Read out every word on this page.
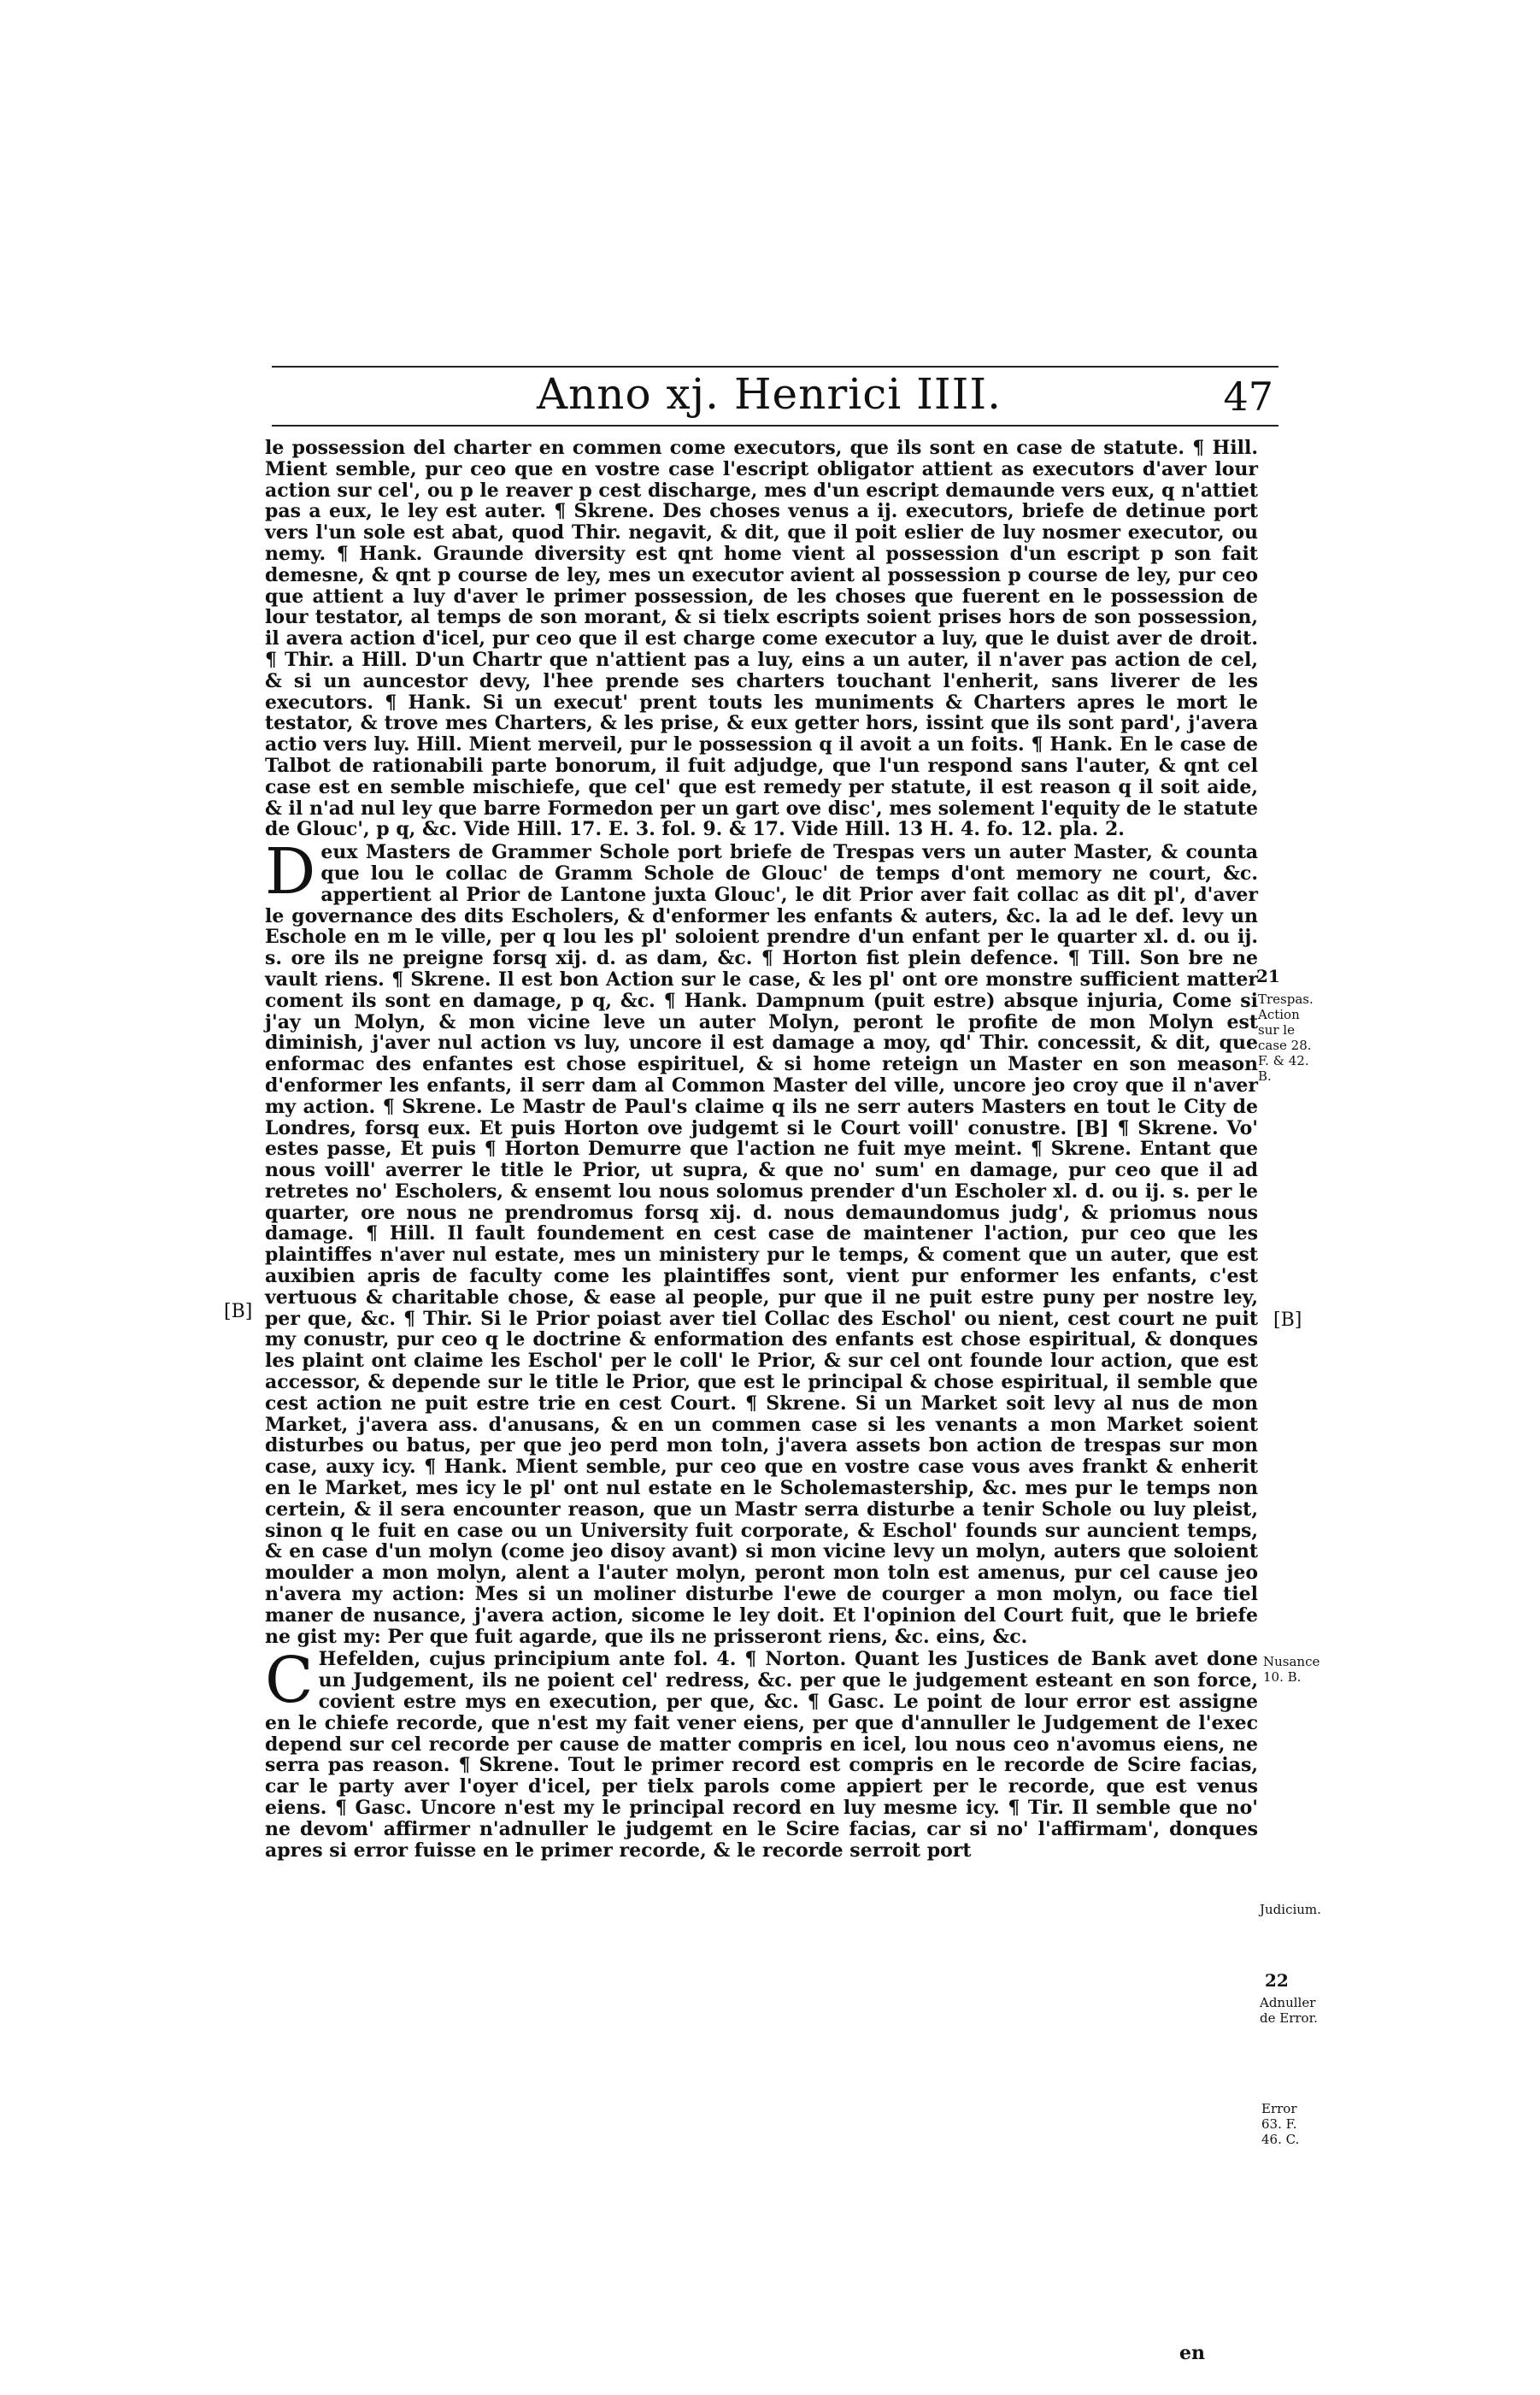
Anno xj. Henrici IIII.	47

le possession del charter en commen come executors, que ils sont en case de statute. ¶ Hill. Mient semble, pur ceo que en vostre case l'escript obligator attient as executors d'aver lour action sur cel', ou p le reaver p cest discharge, mes d'un escript demaunde vers eux, q n'attiet pas a eux, le ley est auter. ¶ Skrene. Des choses venus a ij. executors, briefe de detinue port vers l'un sole est abat, quod Thir. negavit, & dit, que il poit eslier de luy nosmer executor, ou nemy. ¶ Hank. Graunde diversity est qnt home vient al possession d'un escript p son fait demesne, & qnt p course de ley, mes un executor avient al possession p course de ley, pur ceo que attient a luy d'aver le primer possession, de les choses que fuerent en le possession de lour testator, al temps de son morant, & si tielx escripts soient prises hors de son possession, il avera action d'icel, pur ceo que il est charge come executor a luy, que le duist aver de droit. ¶ Thir. a Hill. D'un Chartr que n'attient pas a luy, eins a un auter, il n'aver pas action de cel, & si un auncestor devy, l'hee prende ses charters touchant l'enherit, sans liverer de les executors. ¶ Hank. Si un execut' prent touts les muniments & Charters apres le mort le testator, & trove mes Charters, & les prise, & eux getter hors, issint que ils sont pard', j'avera actio vers luy. Hill. Mient merveil, pur le possession q il avoit a un foits. ¶ Hank. En le case de Talbot de rationabili parte bonorum, il fuit adjudge, que l'un respond sans l'auter, & qnt cel case est en semble mischiefe, que cel' que est remedy per statute, il est reason q il soit aide, & il n'ad nul ley que barre Formedon per un gart ove disc', mes solement l'equity de le statute de Glouc', p q, &c. Vide Hill. 17. E. 3. fol. 9. & 17. Vide Hill. 13 H. 4. fo. 12. pla. 2.

Deux Masters de Grammer Schole port briefe de Trespas vers un auter Master, & counta que lou le collac de Gramm Schole de Glouc' de temps d'ont memory ne court, &c. appertient al Prior de Lantone juxta Glouc', le dit Prior aver fait collac as dit pl', d'aver le governance des dits Escholers, & d'enformer les enfants & auters, &c. la ad le def. levy un Eschole en m le ville, per q lou les pl' soloient prendre d'un enfant per le quarter xl. d. ou ij. s. ore ils ne preigne forsq xij. d. as dam, &c. ¶ Horton fist plein defence. ¶ Till. Son bre ne vault riens. ¶ Skrene. Il est bon Action sur le case, & les pl' ont ore monstre sufficient matter coment ils sont en damage, p q, &c. ¶ Hank. Dampnum (puit estre) absque injuria, Come si j'ay un Molyn, & mon vicine leve un auter Molyn, peront le profite de mon Molyn est diminish, j'aver nul action vs luy, uncore il est damage a moy, qd' Thir. concessit, & dit, que enformac des enfantes est chose espirituel, & si home reteign un Master en son meason d'enformer les enfants, il serr dam al Common Master del ville, uncore jeo croy que il n'aver my action. ¶ Skrene. Le Mastr de Paul's claime q ils ne serr auters Masters en tout le City de Londres, forsq eux. Et puis Horton ove judgemt si le Court voill' conustre. [B] ¶ Skrene. Vo' estes passe, Et puis ¶ Horton Demurre que l'action ne fuit mye meint. ¶ Skrene. Entant que nous voill' averrer le title le Prior, ut supra, & que no' sum' en damage, pur ceo que il ad retretes no' Escholers, & ensemt lou nous solomus prender d'un Escholer xl. d. ou ij. s. per le quarter, ore nous ne prendromus forsq xij. d. nous demaundomus judg', & priomus nous damage. ¶ Hill. Il fault foundement en cest case de maintener l'action, pur ceo que les plaintiffes n'aver nul estate, mes un ministery pur le temps, & coment que un auter, que est auxibien apris de faculty come les plaintiffes sont, vient pur enformer les enfants, c'est vertuous & charitable chose, & ease al people, pur que il ne puit estre puny per nostre ley, per que, &c. ¶ Thir. Si le Prior poiast aver tiel Collac des Eschol' ou nient, cest court ne puit my conustr, pur ceo q le doctrine & enformation des enfants est chose espiritual, & donques les plaint ont claime les Eschol' per le coll' le Prior, & sur cel ont founde lour action, que est accessor, & depende sur le title le Prior, que est le principal & chose espiritual, il semble que cest action ne puit estre trie en cest Court. ¶ Skrene. Si un Market soit levy al nus de mon Market, j'avera ass. d'anusans, & en un commen case si les venants a mon Market soient disturbes ou batus, per que jeo perd mon toln, j'avera assets bon action de trespas sur mon case, auxy icy. ¶ Hank. Mient semble, pur ceo que en vostre case vous aves frankt & enherit en le Market, mes icy le pl' ont nul estate en le Scholemastership, &c. mes pur le temps non certein, & il sera encounter reason, que un Mastr serra disturbe a tenir Schole ou luy pleist, sinon q le fuit en case ou un University fuit corporate, & Eschol' founds sur auncient temps, & en case d'un molyn (come jeo disoy avant) si mon vicine levy un molyn, auters que soloient moulder a mon molyn, alent a l'auter molyn, peront mon toln est amenus, pur cel cause jeo n'avera my action: Mes si un moliner disturbe l'ewe de courger a mon molyn, ou face tiel maner de nusance, j'avera action, sicome le ley doit. Et l'opinion del Court fuit, que le briefe ne gist my: Per que fuit agarde, que ils ne prisseront riens, &c. eins, &c.

C Hefelden, cujus principium ante fol. 4. ¶ Norton. Quant les Justices de Bank avet done un Judgement, ils ne poient cel' redress, &c. per que le judgement esteant en son force, covient estre mys en execution, per que, &c. ¶ Gasc. Le point de lour error est assigne en le chiefe recorde, que n'est my fait vener eiens, per que d'annuller le Judgement de l'exec depend sur cel recorde per cause de matter compris en icel, lou nous ceo n'avomus eiens, ne serra pas reason. ¶ Skrene. Tout le primer record est compris en le recorde de Scire facias, car le party aver l'oyer d'icel, per tielx parols come appiert per le recorde, que est venus eiens. ¶ Gasc. Uncore n'est my le principal record en luy mesme icy. ¶ Tir. Il semble que no' ne devom' affirmer n'adnuller le judgemt en le Scire facias, car si no' l'affirmam', donques apres si error fuisse en le primer recorde, & le recorde serroit port

21
Trespas. Action sur le case 28. F. & 42. B.
[B]	[B]
Nusance 10. B.
Judicium.
22
Adnuller de Error.
Error 63. F. 46. C.
en
